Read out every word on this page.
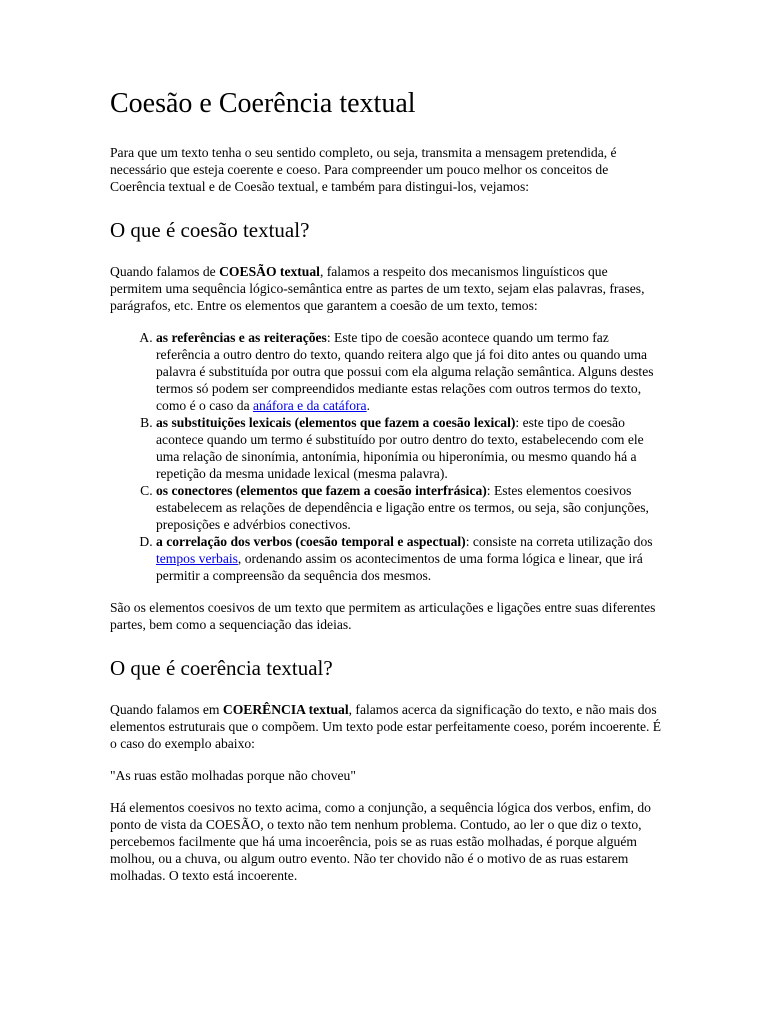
Coesão e Coerência textual

Para que um texto tenha o seu sentido completo, ou seja, transmita a mensagem pretendida, é necessário que esteja coerente e coeso. Para compreender um pouco melhor os conceitos de Coerência textual e de Coesão textual, e também para distingui-los, vejamos:

O que é coesão textual?

Quando falamos de COESÃO textual, falamos a respeito dos mecanismos linguísticos que permitem uma sequência lógico-semântica entre as partes de um texto, sejam elas palavras, frases, parágrafos, etc. Entre os elementos que garantem a coesão de um texto, temos:

A. as referências e as reiterações: Este tipo de coesão acontece quando um termo faz referência a outro dentro do texto, quando reitera algo que já foi dito antes ou quando uma palavra é substituída por outra que possui com ela alguma relação semântica. Alguns destes termos só podem ser compreendidos mediante estas relações com outros termos do texto, como é o caso da anáfora e da catáfora.
B. as substituições lexicais (elementos que fazem a coesão lexical): este tipo de coesão acontece quando um termo é substituído por outro dentro do texto, estabelecendo com ele uma relação de sinonímia, antonímia, hiponímia ou hiperonímia, ou mesmo quando há a repetição da mesma unidade lexical (mesma palavra).
C. os conectores (elementos que fazem a coesão interfrásica): Estes elementos coesivos estabelecem as relações de dependência e ligação entre os termos, ou seja, são conjunções, preposições e advérbios conectivos.
D. a correlação dos verbos (coesão temporal e aspectual): consiste na correta utilização dos tempos verbais, ordenando assim os acontecimentos de uma forma lógica e linear, que irá permitir a compreensão da sequência dos mesmos.

São os elementos coesivos de um texto que permitem as articulações e ligações entre suas diferentes partes, bem como a sequenciação das ideias.

O que é coerência textual?

Quando falamos em COERÊNCIA textual, falamos acerca da significação do texto, e não mais dos elementos estruturais que o compõem. Um texto pode estar perfeitamente coeso, porém incoerente. É o caso do exemplo abaixo:

"As ruas estão molhadas porque não choveu"

Há elementos coesivos no texto acima, como a conjunção, a sequência lógica dos verbos, enfim, do ponto de vista da COESÃO, o texto não tem nenhum problema. Contudo, ao ler o que diz o texto, percebemos facilmente que há uma incoerência, pois se as ruas estão molhadas, é porque alguém molhou, ou a chuva, ou algum outro evento. Não ter chovido não é o motivo de as ruas estarem molhadas. O texto está incoerente.
